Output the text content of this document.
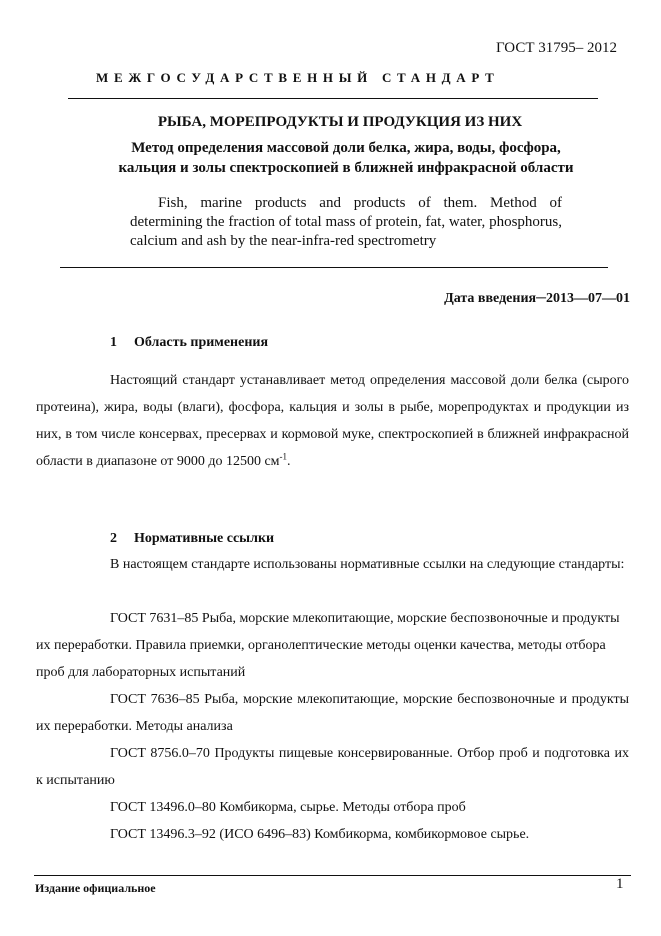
ГОСТ 31795– 2012
МЕЖГОСУДАРСТВЕННЫЙ СТАНДАРТ
РЫБА, МОРЕПРОДУКТЫ И ПРОДУКЦИЯ ИЗ НИХ
Метод определения массовой доли белка, жира, воды, фосфора,
кальция и золы спектроскопией в ближней инфракрасной области
Fish, marine products and products of them. Method of determining the fraction of total mass of protein, fat, water, phosphorus, calcium and ash by the near-infra-red spectrometry
Дата введения─2013—07—01
1 Область применения

Настоящий стандарт устанавливает метод определения массовой доли белка (сырого протеина), жира, воды (влаги), фосфора, кальция и золы в рыбе, морепродуктах и продукции из них, в том числе консервах, пресервах и кормовой муке, спектроскопией в ближней инфракрасной области в диапазоне от 9000 до 12500 $см^{-1}$.

2 Нормативные ссылки

В настоящем стандарте использованы нормативные ссылки на следующие стандарты:

ГОСТ 7631–85 Рыба, морские млекопитающие, морские беспозвоночные и продукты их переработки. Правила приемки, органолептические методы оценки качества, методы отбора проб для лабораторных испытаний

ГОСТ 7636–85 Рыба, морские млекопитающие, морские беспозвоночные и продукты их переработки. Методы анализа

ГОСТ 8756.0–70 Продукты пищевые консервированные. Отбор проб и подготовка их к испытанию

ГОСТ 13496.0–80 Комбикорма, сырье. Методы отбора проб

ГОСТ 13496.3–92 (ИСО 6496–83) Комбикорма, комбикормовое сырье.

Издание официальное	1
